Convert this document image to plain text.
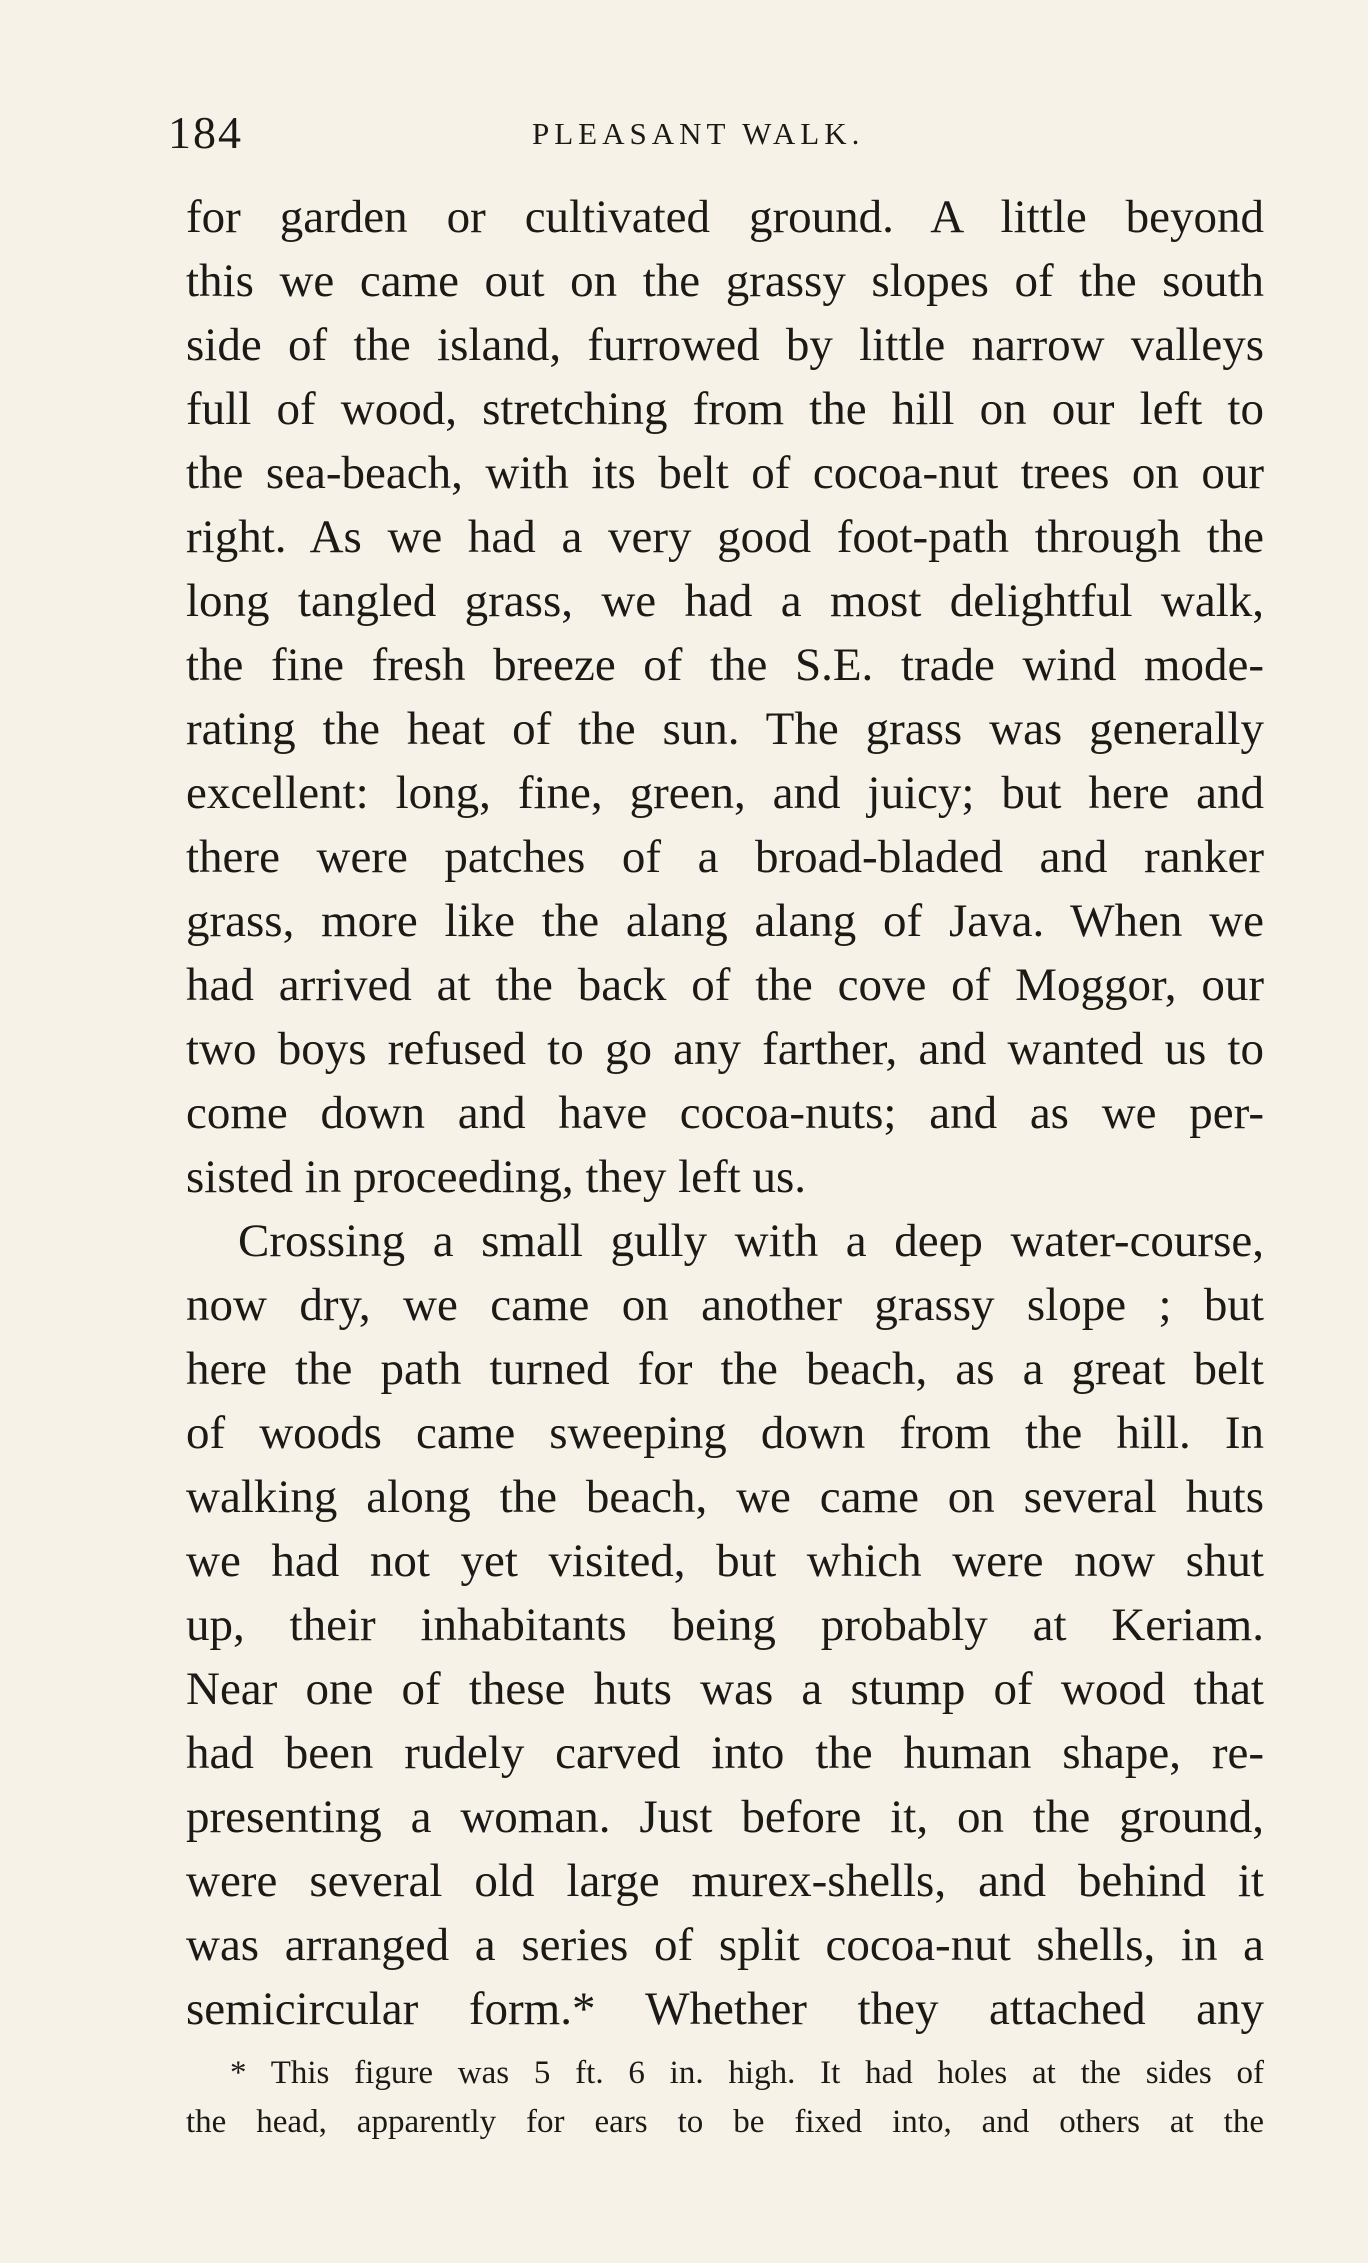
184	PLEASANT WALK.
for garden or cultivated ground. A little beyond
this we came out on the grassy slopes of the south
side of the island, furrowed by little narrow valleys
full of wood, stretching from the hill on our left to
the sea-beach, with its belt of cocoa-nut trees on our
right. As we had a very good foot-path through the
long tangled grass, we had a most delightful walk,
the fine fresh breeze of the S.E. trade wind mode-
rating the heat of the sun. The grass was generally
excellent: long, fine, green, and juicy; but here and
there were patches of a broad-bladed and ranker
grass, more like the alang alang of Java. When we
had arrived at the back of the cove of Moggor, our
two boys refused to go any farther, and wanted us to
come down and have cocoa-nuts; and as we per-
sisted in proceeding, they left us.
Crossing a small gully with a deep water-course,
now dry, we came on another grassy slope ; but
here the path turned for the beach, as a great belt
of woods came sweeping down from the hill. In
walking along the beach, we came on several huts
we had not yet visited, but which were now shut
up, their inhabitants being probably at Keriam.
Near one of these huts was a stump of wood that
had been rudely carved into the human shape, re-
presenting a woman. Just before it, on the ground,
were several old large murex-shells, and behind it
was arranged a series of split cocoa-nut shells, in a
semicircular form.* Whether they attached any
* This figure was 5 ft. 6 in. high. It had holes at the sides of
the head, apparently for ears to be fixed into, and others at the
